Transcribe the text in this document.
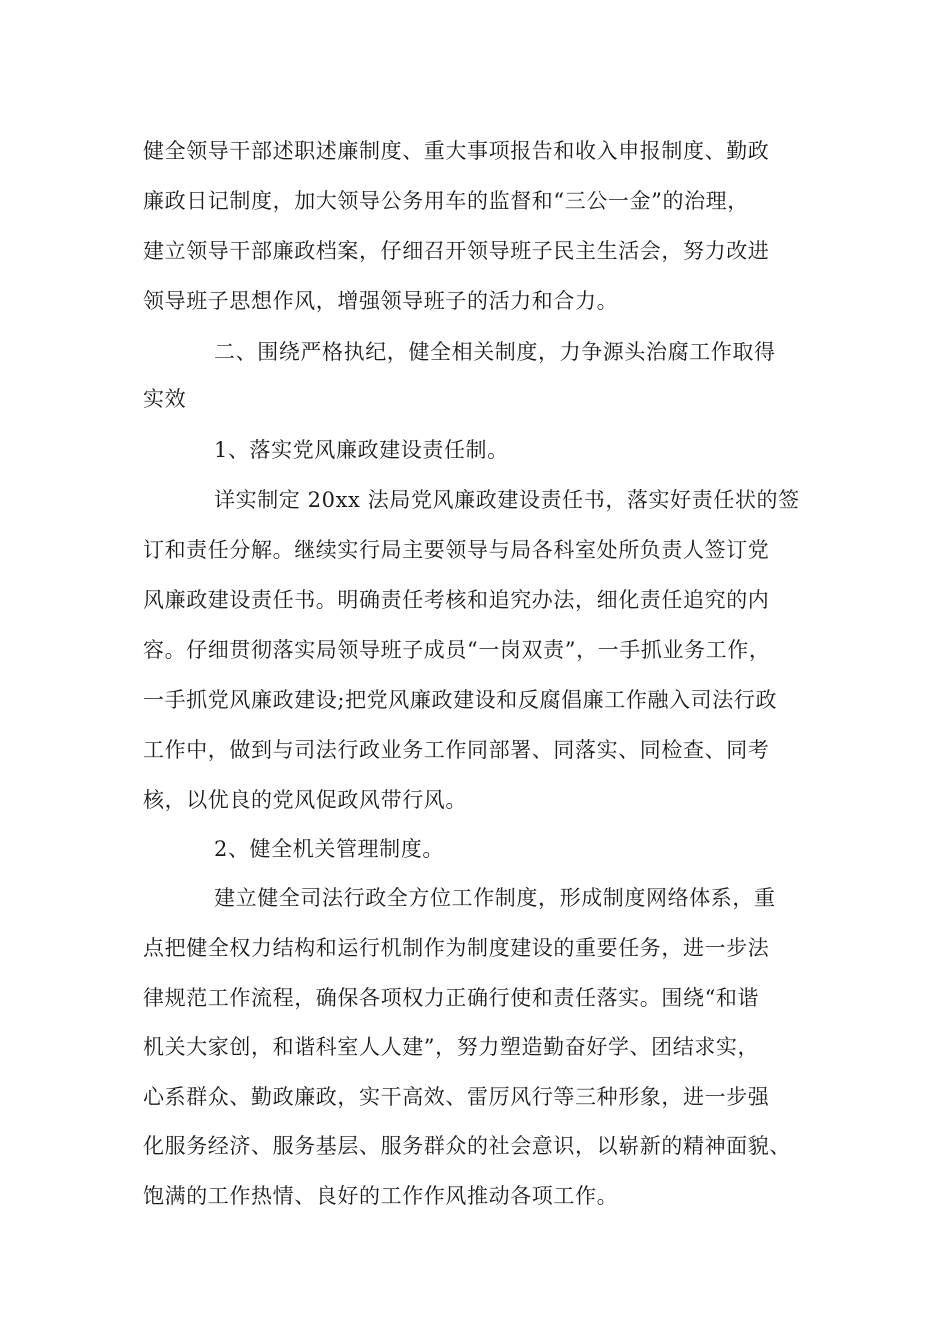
健全领导干部述职述廉制度、重大事项报告和收入申报制度、勤政
廉政日记制度，加大领导公务用车的监督和“三公一金”的治理，
建立领导干部廉政档案，仔细召开领导班子民主生活会，努力改进
领导班子思想作风，增强领导班子的活力和合力。
二、围绕严格执纪，健全相关制度，力争源头治腐工作取得
实效
1、落实党风廉政建设责任制。
详实制定 20xx 法局党风廉政建设责任书，落实好责任状的签
订和责任分解。继续实行局主要领导与局各科室处所负责人签订党
风廉政建设责任书。明确责任考核和追究办法，细化责任追究的内
容。仔细贯彻落实局领导班子成员“一岗双责”，一手抓业务工作，
一手抓党风廉政建设;把党风廉政建设和反腐倡廉工作融入司法行政
工作中，做到与司法行政业务工作同部署、同落实、同检查、同考
核，以优良的党风促政风带行风。
2、健全机关管理制度。
建立健全司法行政全方位工作制度，形成制度网络体系，重
点把健全权力结构和运行机制作为制度建设的重要任务，进一步法
律规范工作流程，确保各项权力正确行使和责任落实。围绕“和谐
机关大家创，和谐科室人人建”，努力塑造勤奋好学、团结求实，
心系群众、勤政廉政，实干高效、雷厉风行等三种形象，进一步强
化服务经济、服务基层、服务群众的社会意识，以崭新的精神面貌、
饱满的工作热情、良好的工作作风推动各项工作。
